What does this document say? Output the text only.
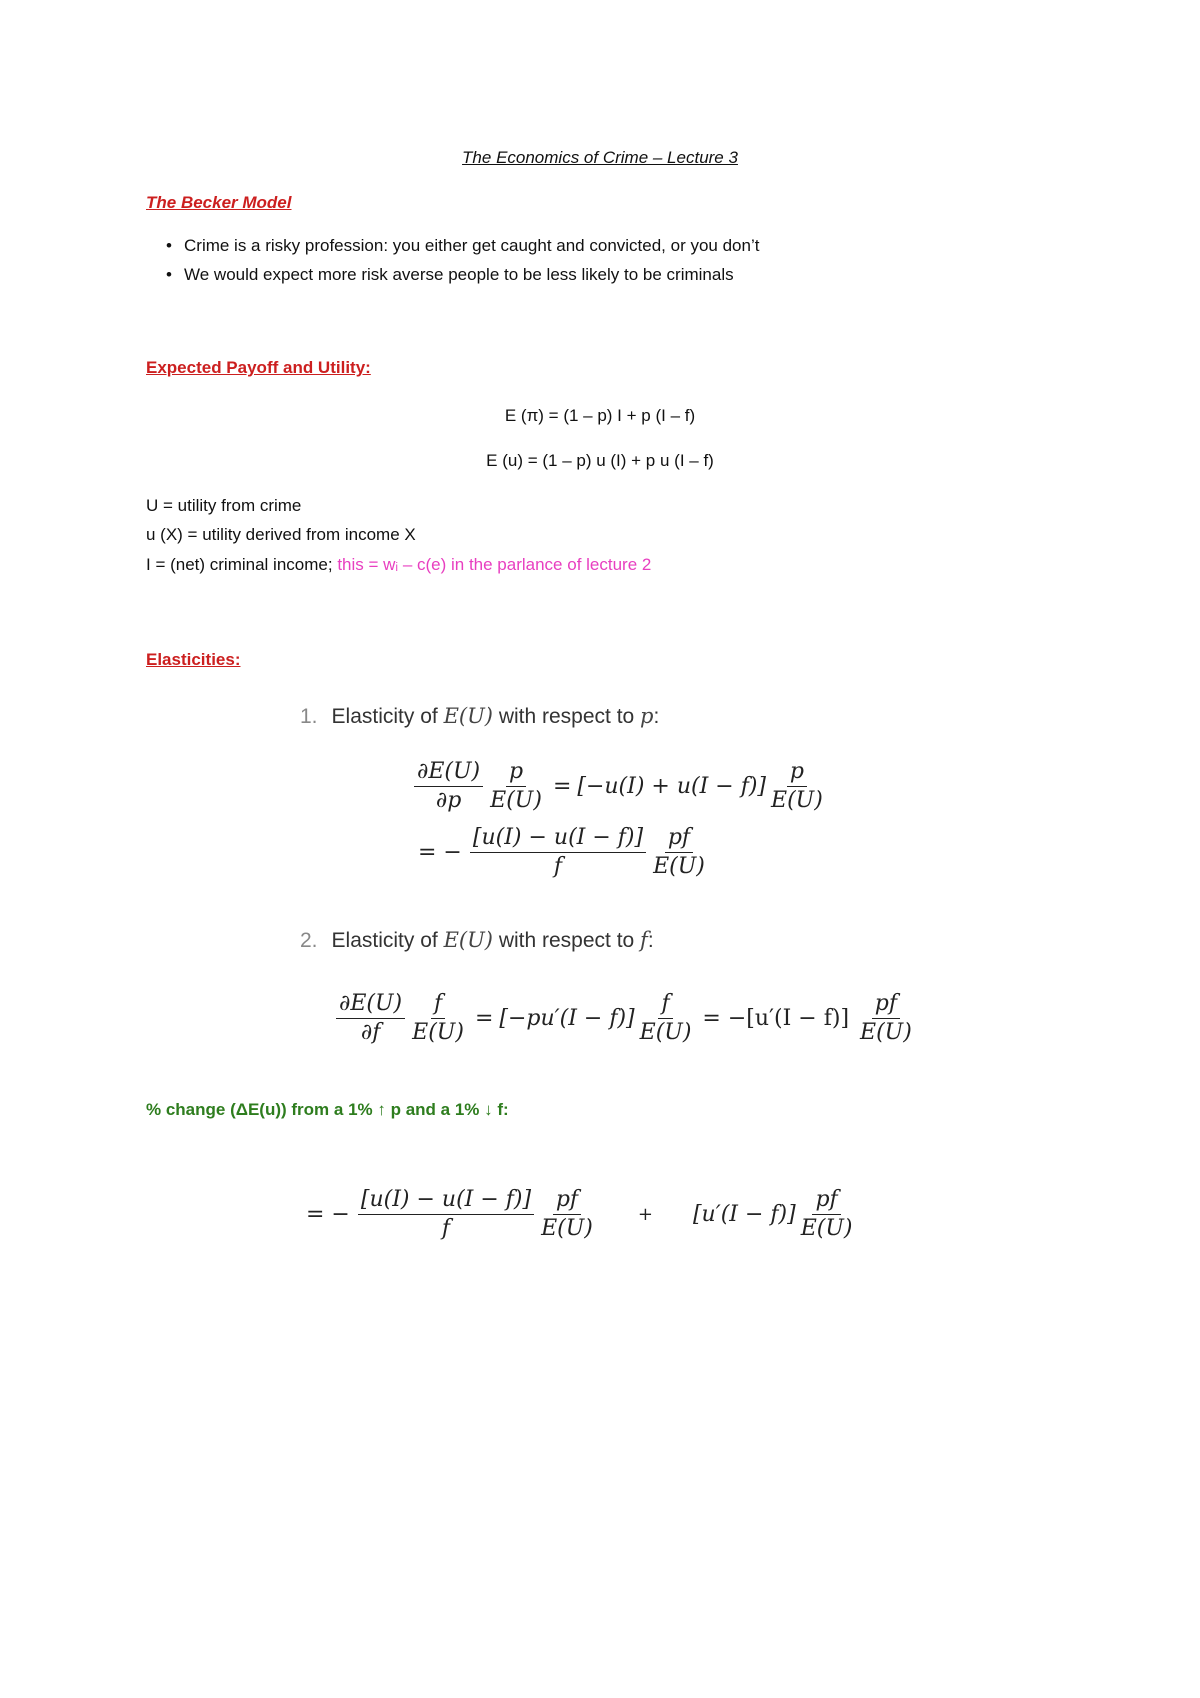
The Economics of Crime – Lecture 3
The Becker Model
• Crime is a risky profession: you either get caught and convicted, or you don’t
• We would expect more risk averse people to be less likely to be criminals
Expected Payoff and Utility:
E (π) = (1 – p) I + p (I – f)
E (u) = (1 – p) u (I) + p u (I – f)
U = utility from crime
u (X) = utility derived from income X
I = (net) criminal income; this = wᵢ – c(e) in the parlance of lecture 2
Elasticities:
1. Elasticity of E(U) with respect to p:
$\frac{\partial E(U)}{\partial p} \frac{p}{E(U)} = [-u(I) + u(I - f)] \frac{p}{E(U)}$
= − $\frac{[u(I) - u(I - f)]}{f} \frac{pf}{E(U)}$
2. Elasticity of E(U) with respect to f:
$\frac{\partial E(U)}{\partial f} \frac{f}{E(U)} = [-pu'(I - f)] \frac{f}{E(U)} = -[u'(I - f)] \frac{pf}{E(U)}$
% change (ΔE(u)) from a 1% ↑ p and a 1% ↓ f:
= − $\frac{[u(I) - u(I - f)]}{f} \frac{pf}{E(U)} + [u'(I - f)] \frac{pf}{E(U)}$
